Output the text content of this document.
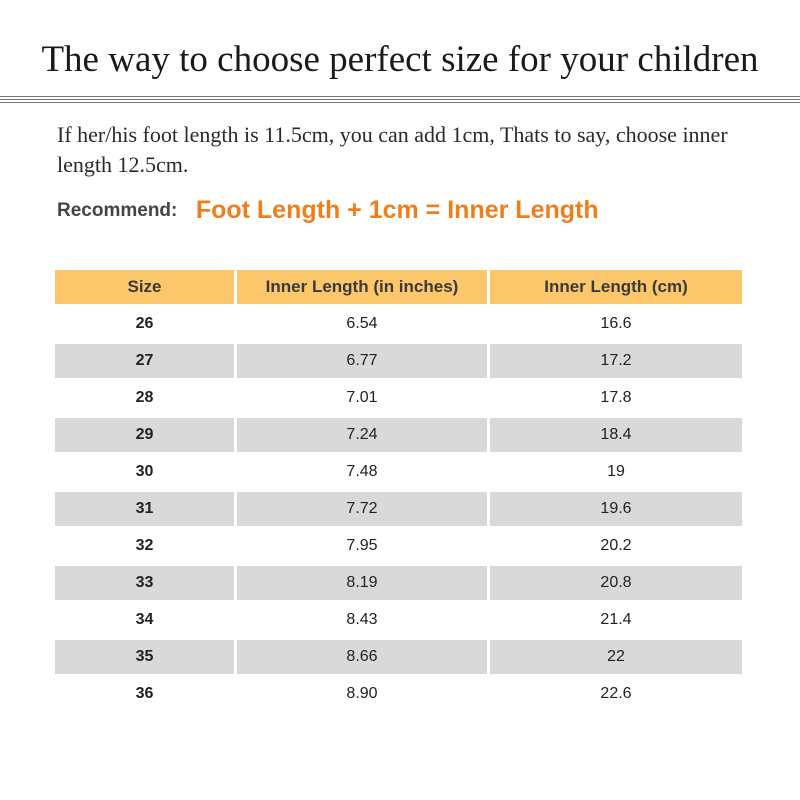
The way to choose perfect size for your children
If her/his foot length is 11.5cm, you can add 1cm, Thats to say, choose inner length 12.5cm.
Recommend: Foot Length + 1cm = Inner Length
Size	Inner Length (in inches)	Inner Length (cm)
26	6.54	16.6
27	6.77	17.2
28	7.01	17.8
29	7.24	18.4
30	7.48	19
31	7.72	19.6
32	7.95	20.2
33	8.19	20.8
34	8.43	21.4
35	8.66	22
36	8.90	22.6
